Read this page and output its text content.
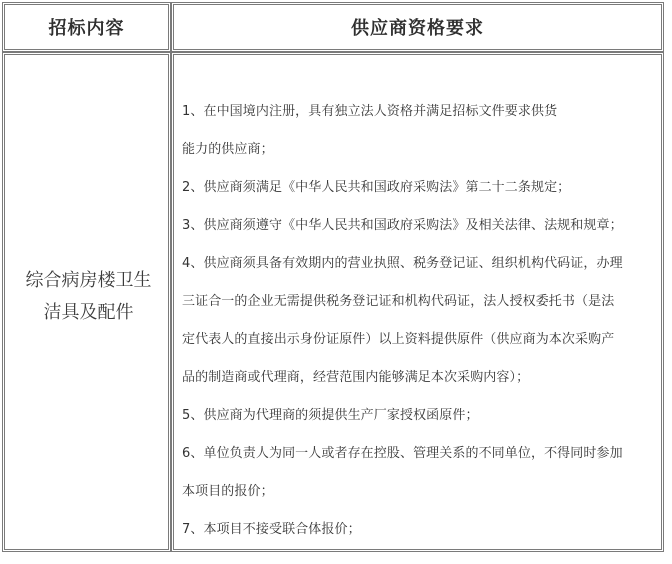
招标内容	供应商资格要求
综合病房楼卫生
洁具及配件
1、在中国境内注册，具有独立法人资格并满足招标文件要求供货
能力的供应商；
2、供应商须满足《中华人民共和国政府采购法》第二十二条规定；
3、供应商须遵守《中华人民共和国政府采购法》及相关法律、法规和规章；
4、供应商须具备有效期内的营业执照、税务登记证、组织机构代码证，办理
三证合一的企业无需提供税务登记证和机构代码证，法人授权委托书（是法
定代表人的直接出示身份证原件）以上资料提供原件（供应商为本次采购产
品的制造商或代理商，经营范围内能够满足本次采购内容）；
5、供应商为代理商的须提供生产厂家授权函原件；
6、单位负责人为同一人或者存在控股、管理关系的不同单位，不得同时参加
本项目的报价；
7、本项目不接受联合体报价；
